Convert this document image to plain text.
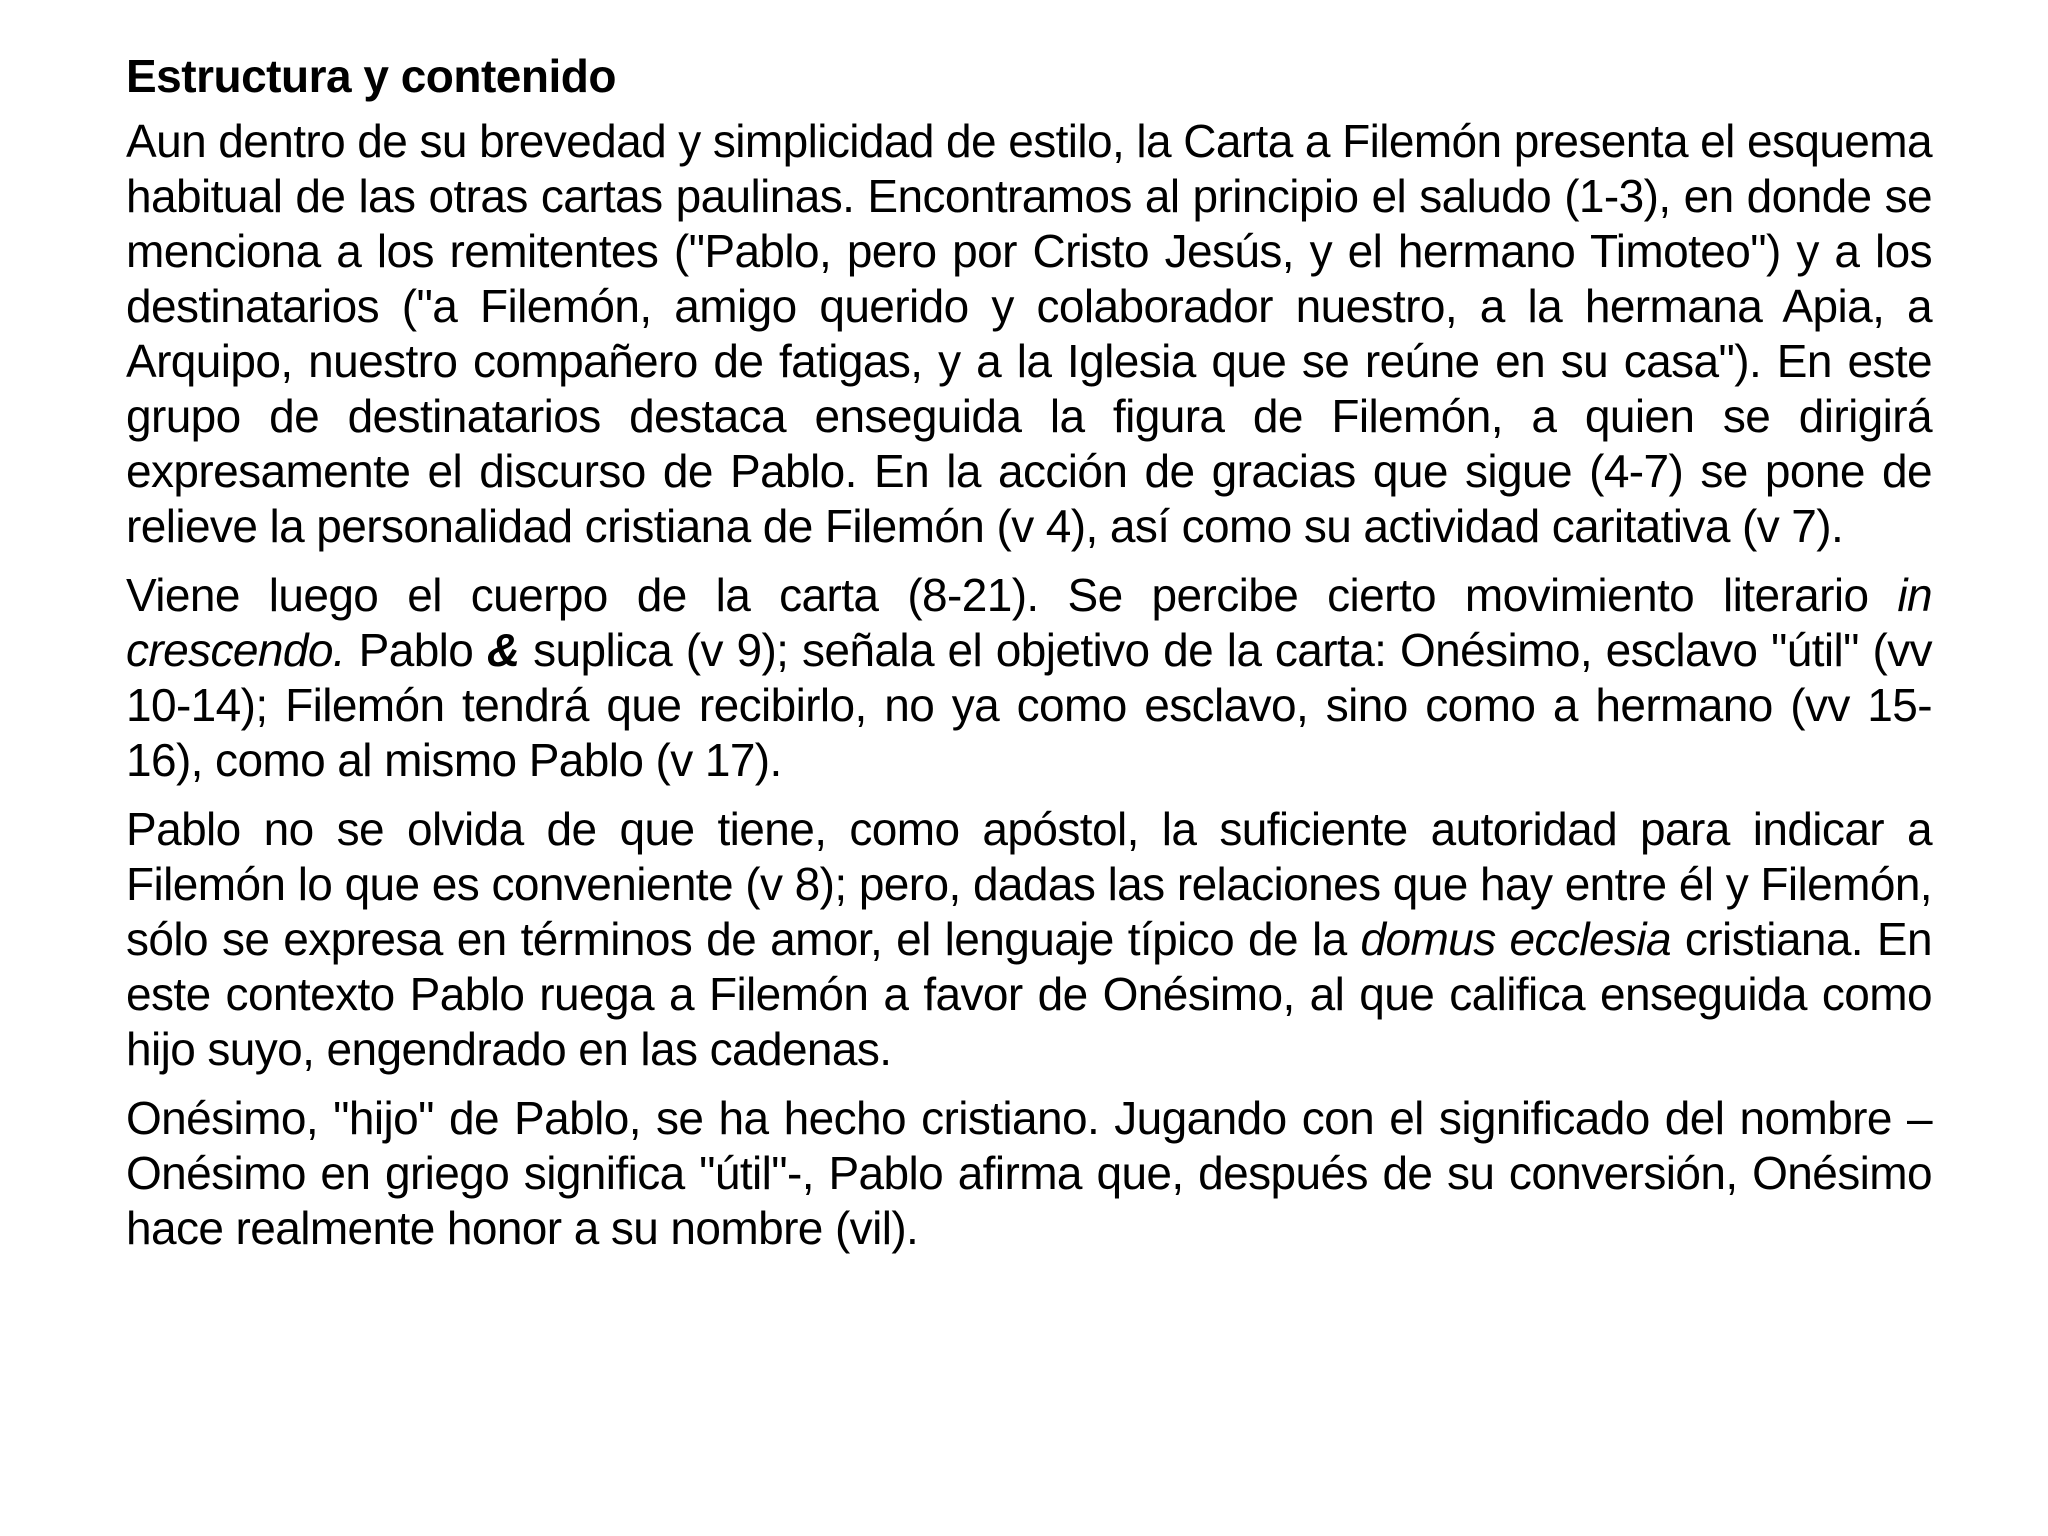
Estructura y contenido

Aun dentro de su brevedad y simplicidad de estilo, la Carta a Filemón presenta el esquema habitual de las otras cartas paulinas. Encontramos al principio el saludo (1-3), en donde se menciona a los remitentes ("Pablo, pero por Cristo Jesús, y el hermano Timoteo") y a los destinatarios ("a Filemón, amigo querido y colaborador nuestro, a la hermana Apia, a Arquipo, nuestro compañero de fatigas, y a la Iglesia que se reúne en su casa"). En este grupo de destinatarios destaca enseguida la figura de Filemón, a quien se dirigirá expresamente el discurso de Pablo. En la acción de gracias que sigue (4-7) se pone de relieve la personalidad cristiana de Filemón (v 4), así como su actividad caritativa (v 7).

Viene luego el cuerpo de la carta (8-21). Se percibe cierto movimiento literario in crescendo. Pablo & suplica (v 9); señala el objetivo de la carta: Onésimo, esclavo "útil" (vv 10-14); Filemón tendrá que recibirlo, no ya como esclavo, sino como a hermano (vv 15-16), como al mismo Pablo (v 17).

Pablo no se olvida de que tiene, como apóstol, la suficiente autoridad para indicar a Filemón lo que es conveniente (v 8); pero, dadas las relaciones que hay entre él y Filemón, sólo se expresa en términos de amor, el lenguaje típico de la domus ecclesia cristiana. En este contexto Pablo ruega a Filemón a favor de Onésimo, al que califica enseguida como hijo suyo, engendrado en las cadenas.

Onésimo, "hijo" de Pablo, se ha hecho cristiano. Jugando con el significado del nombre –Onésimo en griego significa "útil"-, Pablo afirma que, después de su conversión, Onésimo hace realmente honor a su nombre (vil).
